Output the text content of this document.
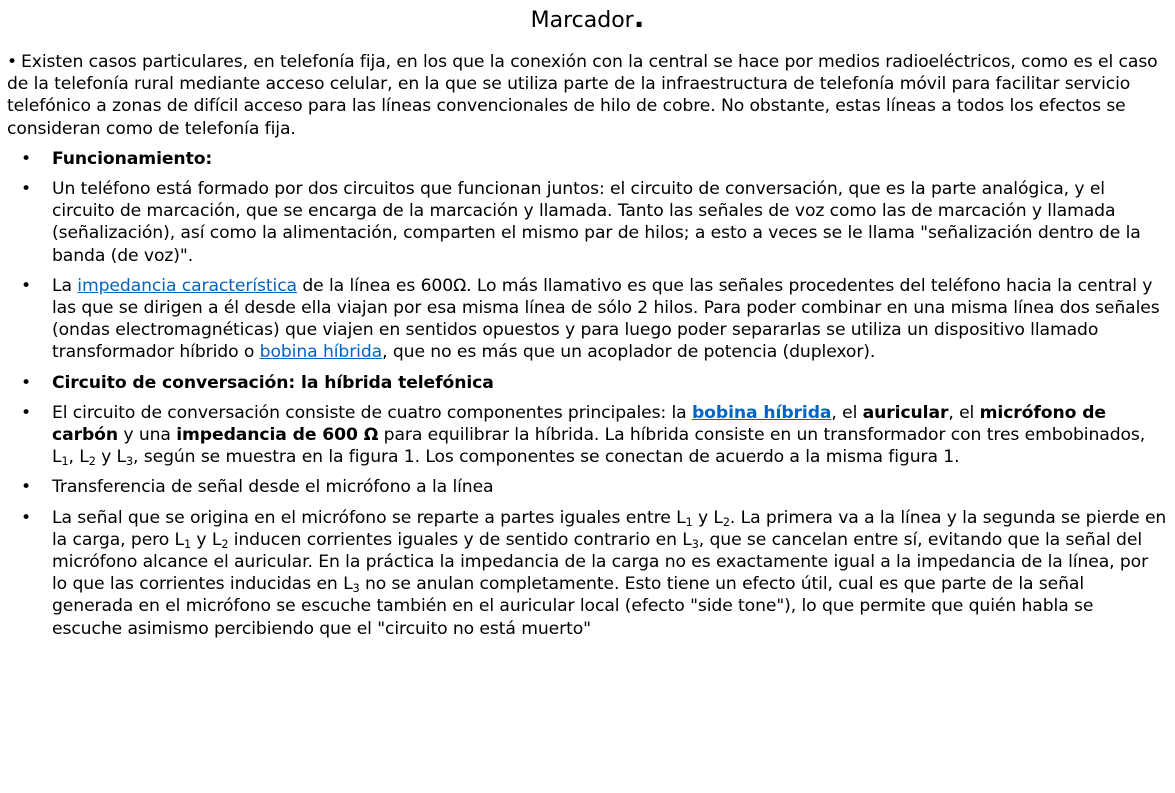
Marcador.

• Existen casos particulares, en telefonía fija, en los que la conexión con la central se hace por medios radioeléctricos, como es el caso de la telefonía rural mediante acceso celular, en la que se utiliza parte de la infraestructura de telefonía móvil para facilitar servicio telefónico a zonas de difícil acceso para las líneas convencionales de hilo de cobre. No obstante, estas líneas a todos los efectos se consideran como de telefonía fija.

• Funcionamiento:
• Un teléfono está formado por dos circuitos que funcionan juntos: el circuito de conversación, que es la parte analógica, y el circuito de marcación, que se encarga de la marcación y llamada. Tanto las señales de voz como las de marcación y llamada (señalización), así como la alimentación, comparten el mismo par de hilos; a esto a veces se le llama "señalización dentro de la banda (de voz)".
• La impedancia característica de la línea es 600Ω. Lo más llamativo es que las señales procedentes del teléfono hacia la central y las que se dirigen a él desde ella viajan por esa misma línea de sólo 2 hilos. Para poder combinar en una misma línea dos señales (ondas electromagnéticas) que viajen en sentidos opuestos y para luego poder separarlas se utiliza un dispositivo llamado transformador híbrido o bobina híbrida, que no es más que un acoplador de potencia (duplexor).
• Circuito de conversación: la híbrida telefónica
• El circuito de conversación consiste de cuatro componentes principales: la bobina híbrida, el auricular, el micrófono de carbón y una impedancia de 600 Ω para equilibrar la híbrida. La híbrida consiste en un transformador con tres embobinados, $L_1$, $L_2$ y $L_3$, según se muestra en la figura 1. Los componentes se conectan de acuerdo a la misma figura 1.
• Transferencia de señal desde el micrófono a la línea
• La señal que se origina en el micrófono se reparte a partes iguales entre $L_1$ y $L_2$. La primera va a la línea y la segunda se pierde en la carga, pero $L_1$ y $L_2$ inducen corrientes iguales y de sentido contrario en $L_3$, que se cancelan entre sí, evitando que la señal del micrófono alcance el auricular. En la práctica la impedancia de la carga no es exactamente igual a la impedancia de la línea, por lo que las corrientes inducidas en $L_3$ no se anulan completamente. Esto tiene un efecto útil, cual es que parte de la señal generada en el micrófono se escuche también en el auricular local (efecto "side tone"), lo que permite que quién habla se escuche asimismo percibiendo que el "circuito no está muerto"
